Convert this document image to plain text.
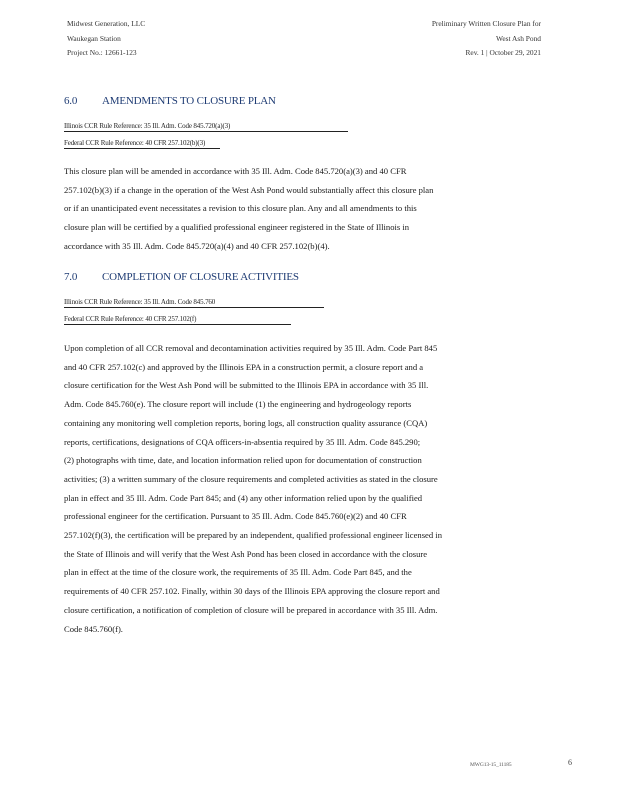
Midwest Generation, LLC
Waukegan Station
Project No.: 12661-123
Preliminary Written Closure Plan for
West Ash Pond
Rev. 1 | October 29, 2021
6.0 AMENDMENTS TO CLOSURE PLAN
Illinois CCR Rule Reference: 35 Ill. Adm. Code 845.720(a)(3)
Federal CCR Rule Reference: 40 CFR 257.102(b)(3)
This closure plan will be amended in accordance with 35 Ill. Adm. Code 845.720(a)(3) and 40 CFR
257.102(b)(3) if a change in the operation of the West Ash Pond would substantially affect this closure plan
or if an unanticipated event necessitates a revision to this closure plan. Any and all amendments to this
closure plan will be certified by a qualified professional engineer registered in the State of Illinois in
accordance with 35 Ill. Adm. Code 845.720(a)(4) and 40 CFR 257.102(b)(4).
7.0 COMPLETION OF CLOSURE ACTIVITIES
Illinois CCR Rule Reference: 35 Ill. Adm. Code 845.760
Federal CCR Rule Reference: 40 CFR 257.102(f)
Upon completion of all CCR removal and decontamination activities required by 35 Ill. Adm. Code Part 845
and 40 CFR 257.102(c) and approved by the Illinois EPA in a construction permit, a closure report and a
closure certification for the West Ash Pond will be submitted to the Illinois EPA in accordance with 35 Ill.
Adm. Code 845.760(e). The closure report will include (1) the engineering and hydrogeology reports
containing any monitoring well completion reports, boring logs, all construction quality assurance (CQA)
reports, certifications, designations of CQA officers-in-absentia required by 35 Ill. Adm. Code 845.290;
(2) photographs with time, date, and location information relied upon for documentation of construction
activities; (3) a written summary of the closure requirements and completed activities as stated in the closure
plan in effect and 35 Ill. Adm. Code Part 845; and (4) any other information relied upon by the qualified
professional engineer for the certification. Pursuant to 35 Ill. Adm. Code 845.760(e)(2) and 40 CFR
257.102(f)(3), the certification will be prepared by an independent, qualified professional engineer licensed in
the State of Illinois and will verify that the West Ash Pond has been closed in accordance with the closure
plan in effect at the time of the closure work, the requirements of 35 Ill. Adm. Code Part 845, and the
requirements of 40 CFR 257.102. Finally, within 30 days of the Illinois EPA approving the closure report and
closure certification, a notification of completion of closure will be prepared in accordance with 35 Ill. Adm.
Code 845.760(f).
MWG13-15_11185	6
